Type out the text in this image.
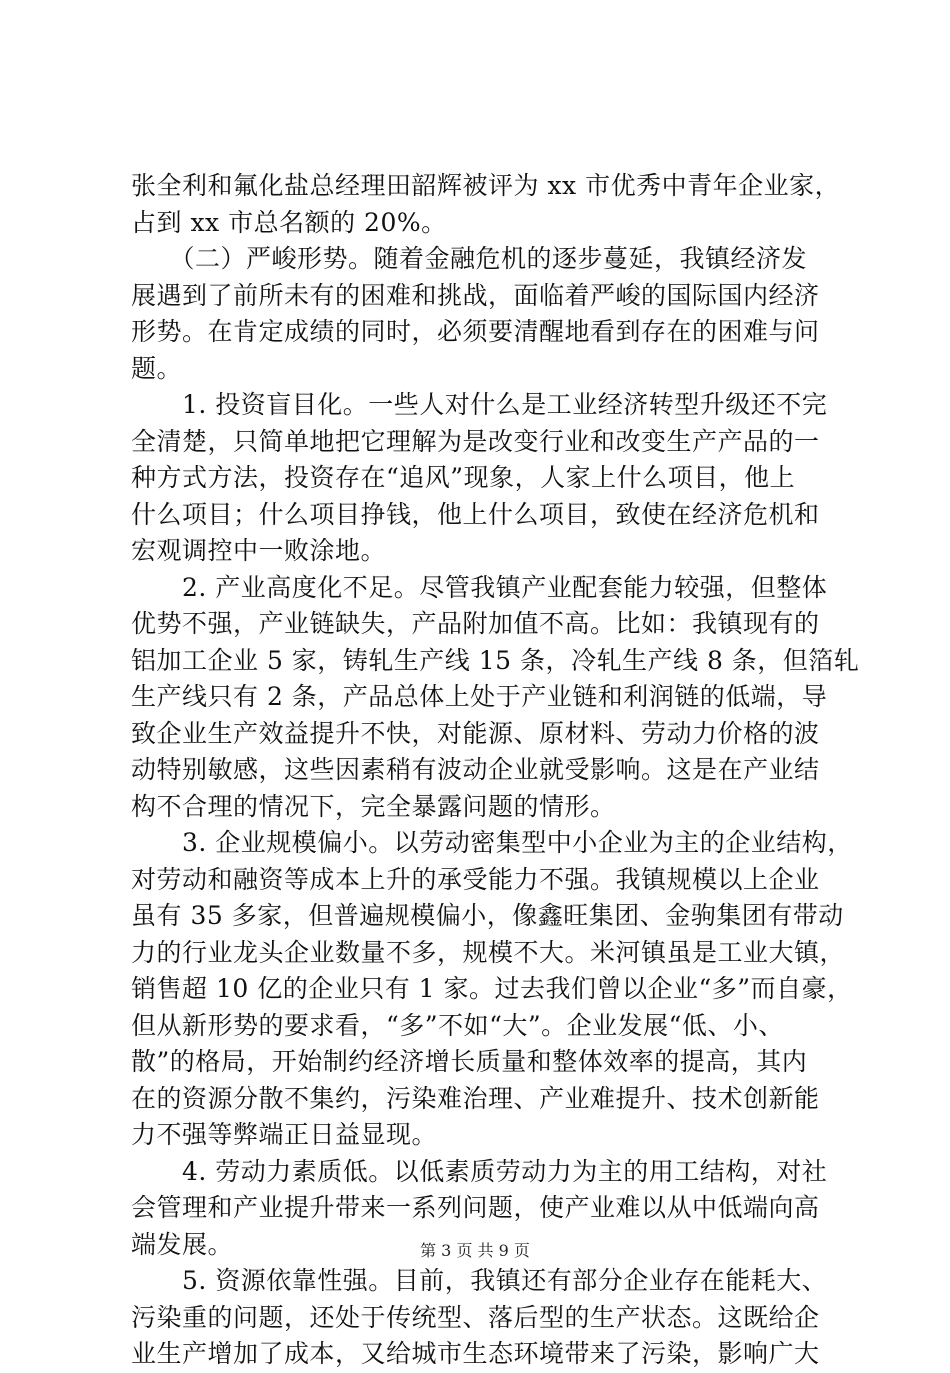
张全利和氟化盐总经理田韶辉被评为 xx 市优秀中青年企业家，
占到 xx 市总名额的 20%。
　　（二）严峻形势。随着金融危机的逐步蔓延，我镇经济发
展遇到了前所未有的困难和挑战，面临着严峻的国际国内经济
形势。在肯定成绩的同时，必须要清醒地看到存在的困难与问
题。
　　1. 投资盲目化。一些人对什么是工业经济转型升级还不完
全清楚，只简单地把它理解为是改变行业和改变生产产品的一
种方式方法，投资存在“追风”现象，人家上什么项目，他上
什么项目；什么项目挣钱，他上什么项目，致使在经济危机和
宏观调控中一败涂地。
　　2. 产业高度化不足。尽管我镇产业配套能力较强，但整体
优势不强，产业链缺失，产品附加值不高。比如：我镇现有的
铝加工企业 5 家，铸轧生产线 15 条，冷轧生产线 8 条，但箔轧
生产线只有 2 条，产品总体上处于产业链和利润链的低端，导
致企业生产效益提升不快，对能源、原材料、劳动力价格的波
动特别敏感，这些因素稍有波动企业就受影响。这是在产业结
构不合理的情况下，完全暴露问题的情形。
　　3. 企业规模偏小。以劳动密集型中小企业为主的企业结构，
对劳动和融资等成本上升的承受能力不强。我镇规模以上企业
虽有 35 多家，但普遍规模偏小，像鑫旺集团、金驹集团有带动
力的行业龙头企业数量不多，规模不大。米河镇虽是工业大镇，
销售超 10 亿的企业只有 1 家。过去我们曾以企业“多”而自豪，
但从新形势的要求看，“多”不如“大”。企业发展“低、小、
散”的格局，开始制约经济增长质量和整体效率的提高，其内
在的资源分散不集约，污染难治理、产业难提升、技术创新能
力不强等弊端正日益显现。
　　4. 劳动力素质低。以低素质劳动力为主的用工结构，对社
会管理和产业提升带来一系列问题，使产业难以从中低端向高
端发展。
　　5. 资源依靠性强。目前，我镇还有部分企业存在能耗大、
污染重的问题，还处于传统型、落后型的生产状态。这既给企
业生产增加了成本，又给城市生态环境带来了污染，影响广大
第 3 页 共 9 页
